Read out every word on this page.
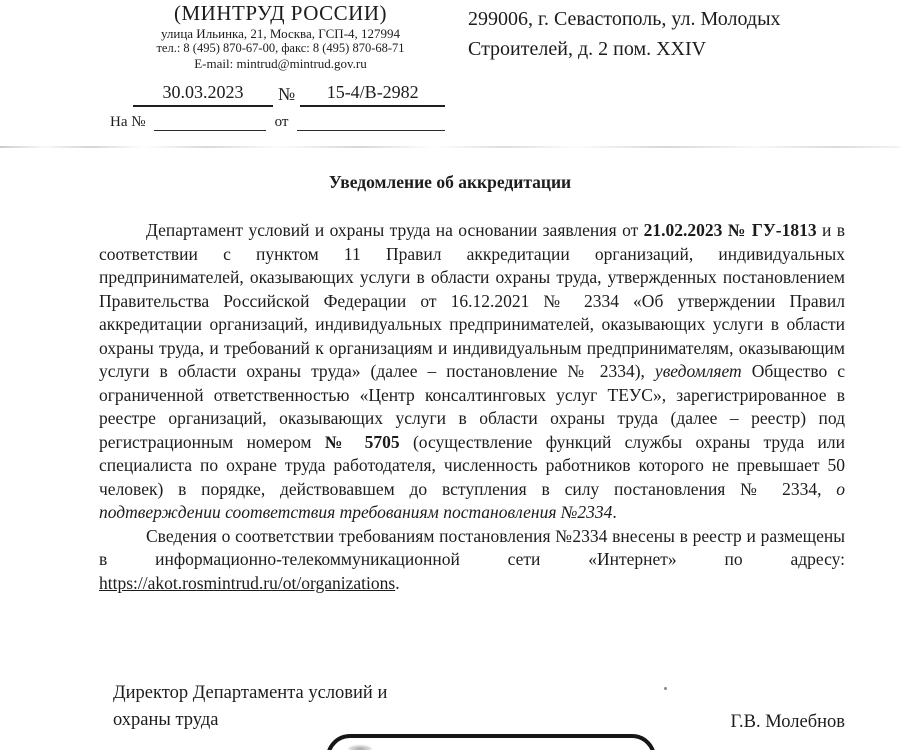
(МИНТРУД РОССИИ)
улица Ильинка, 21, Москва, ГСП-4, 127994
тел.: 8 (495) 870-67-00, факс: 8 (495) 870-68-71
E-mail: mintrud@mintrud.gov.ru
299006, г. Севастополь, ул. Молодых
Строителей, д. 2 пом. XXIV
30.03.2023	№	15-4/В-2982
На №	от
Уведомление об аккредитации

Департамент условий и охраны труда на основании заявления от 21.02.2023 № ГУ-1813 и в соответствии с пунктом 11 Правил аккредитации организаций, индивидуальных предпринимателей, оказывающих услуги в области охраны труда, утвержденных постановлением Правительства Российской Федерации от 16.12.2021 № 2334 «Об утверждении Правил аккредитации организаций, индивидуальных предпринимателей, оказывающих услуги в области охраны труда, и требований к организациям и индивидуальным предпринимателям, оказывающим услуги в области охраны труда» (далее – постановление № 2334), уведомляет Общество с ограниченной ответственностью «Центр консалтинговых услуг ТЕУС», зарегистрированное в реестре организаций, оказывающих услуги в области охраны труда (далее – реестр) под регистрационным номером № 5705 (осуществление функций службы охраны труда или специалиста по охране труда работодателя, численность работников которого не превышает 50 человек) в порядке, действовавшем до вступления в силу постановления № 2334, о подтверждении соответствия требованиям постановления №2334.

Сведения о соответствии требованиям постановления №2334 внесены в реестр и размещены в информационно-телекоммуникационной сети «Интернет» по адресу: https://akot.rosmintrud.ru/ot/organizations.

Директор Департамента условий и
охраны труда	Г.В. Молебнов
